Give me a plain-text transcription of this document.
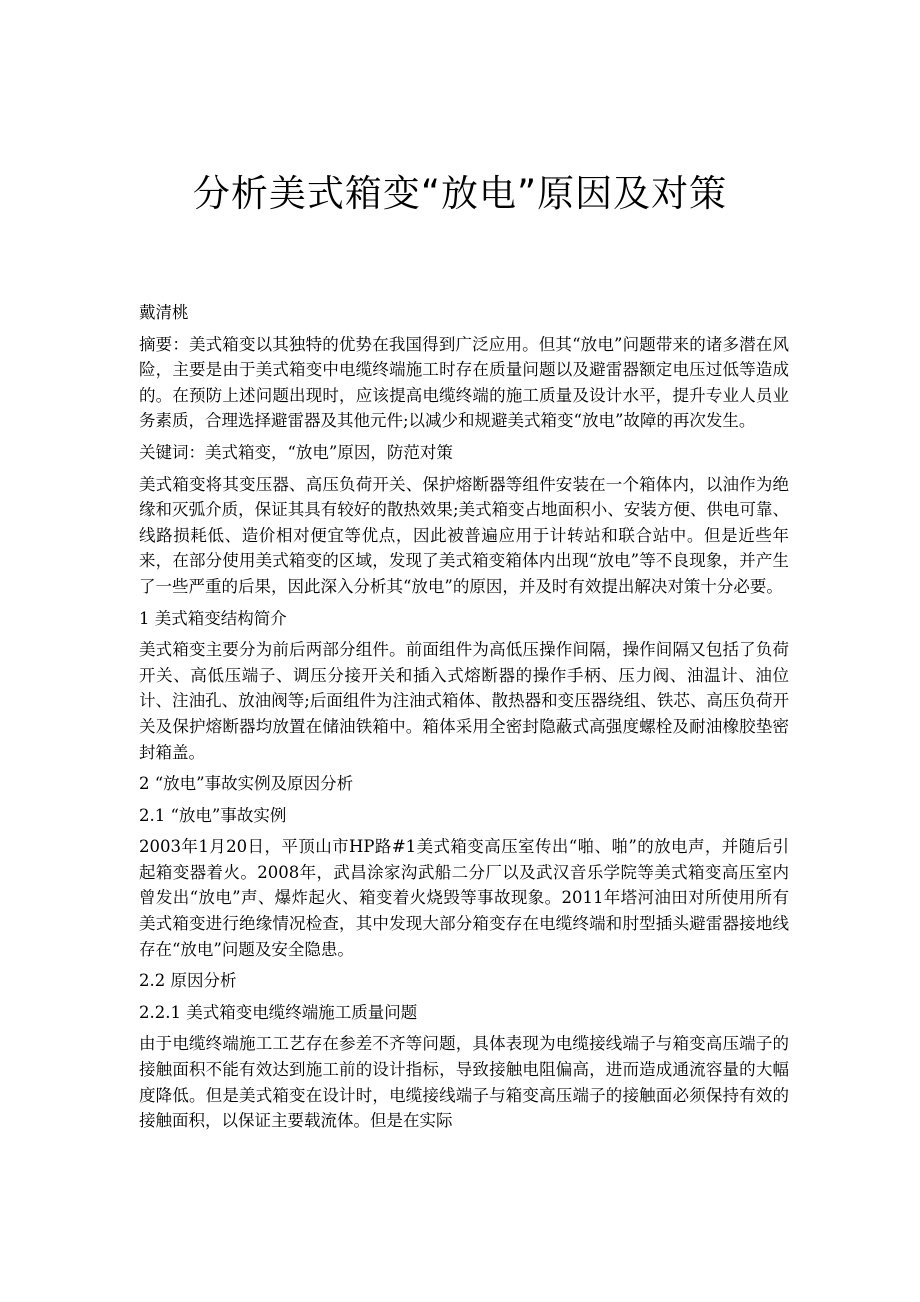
分析美式箱变“放电”原因及对策

戴清桃

摘要：美式箱变以其独特的优势在我国得到广泛应用。但其“放电”问题带来的诸多潜在风险，主要是由于美式箱变中电缆终端施工时存在质量问题以及避雷器额定电压过低等造成的。在预防上述问题出现时，应该提高电缆终端的施工质量及设计水平，提升专业人员业务素质，合理选择避雷器及其他元件;以减少和规避美式箱变“放电”故障的再次发生。

关键词：美式箱变，“放电”原因，防范对策

美式箱变将其变压器、高压负荷开关、保护熔断器等组件安装在一个箱体内，以油作为绝缘和灭弧介质，保证其具有较好的散热效果;美式箱变占地面积小、安装方便、供电可靠、线路损耗低、造价相对便宜等优点，因此被普遍应用于计转站和联合站中。但是近些年来，在部分使用美式箱变的区域，发现了美式箱变箱体内出现“放电”等不良现象，并产生了一些严重的后果，因此深入分析其“放电”的原因，并及时有效提出解决对策十分必要。

1 美式箱变结构简介

美式箱变主要分为前后两部分组件。前面组件为高低压操作间隔，操作间隔又包括了负荷开关、高低压端子、调压分接开关和插入式熔断器的操作手柄、压力阀、油温计、油位计、注油孔、放油阀等;后面组件为注油式箱体、散热器和变压器绕组、铁芯、高压负荷开关及保护熔断器均放置在储油铁箱中。箱体采用全密封隐蔽式高强度螺栓及耐油橡胶垫密封箱盖。

2 “放电”事故实例及原因分析

2.1 “放电”事故实例

2003年1月20日，平顶山市HP路#1美式箱变高压室传出“啪、啪”的放电声，并随后引起箱变器着火。2008年，武昌涂家沟武船二分厂以及武汉音乐学院等美式箱变高压室内曾发出“放电”声、爆炸起火、箱变着火烧毁等事故现象。2011年塔河油田对所使用所有美式箱变进行绝缘情况检查，其中发现大部分箱变存在电缆终端和肘型插头避雷器接地线存在“放电”问题及安全隐患。

2.2 原因分析

2.2.1 美式箱变电缆终端施工质量问题

由于电缆终端施工工艺存在参差不齐等问题，具体表现为电缆接线端子与箱变高压端子的接触面积不能有效达到施工前的设计指标，导致接触电阻偏高，进而造成通流容量的大幅度降低。但是美式箱变在设计时，电缆接线端子与箱变高压端子的接触面必须保持有效的接触面积，以保证主要载流体。但是在实际
